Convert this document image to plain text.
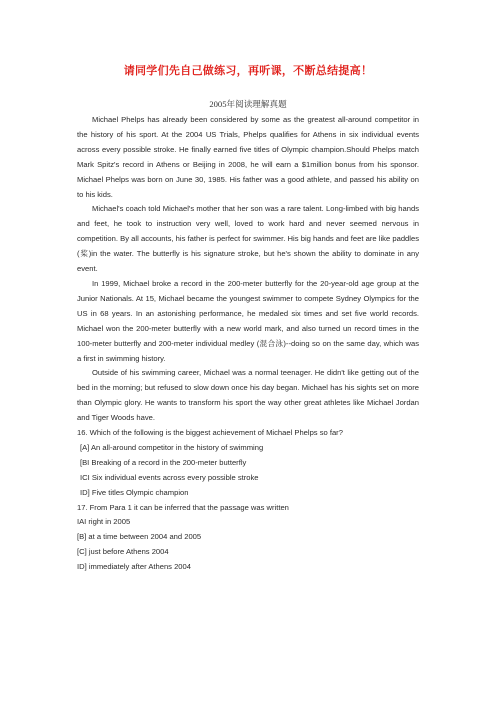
请同学们先自己做练习，再听课，不断总结提高！
2005年阅读理解真题

Michael Phelps has already been considered by some as the greatest all-around competitor in the history of his sport. At the 2004 US Trials, Phelps qualifies for Athens in six individual events across every possible stroke. He finally earned five titles of Olympic champion.Should Phelps match Mark Spitz's record in Athens or Beijing in 2008, he will earn a $1million bonus from his sponsor. Michael Phelps was born on June 30, 1985. His father was a good athlete, and passed his ability on to his kids.

Michael's coach told Michael's mother that her son was a rare talent. Long-limbed with big hands and feet, he took to instruction very well, loved to work hard and never seemed nervous in competition. By all accounts, his father is perfect for swimmer. His big hands and feet are like paddles (桨)in the water. The butterfly is his signature stroke, but he's shown the ability to dominate in any event.

In 1999, Michael broke a record in the 200-meter butterfly for the 20-year-old age group at the Junior Nationals. At 15, Michael became the youngest swimmer to compete Sydney Olympics for the US in 68 years. In an astonishing performance, he medaled six times and set five world records. Michael won the 200-meter butterfly with a new world mark, and also turned un record times in the 100-meter butterfly and 200-meter individual medley (混合泳)--doing so on the same day, which was a first in swimming history.

Outside of his swimming career, Michael was a normal teenager. He didn't like getting out of the bed in the morning; but refused to slow down once his day began. Michael has his sights set on more than Olympic glory. He wants to transform his sport the way other great athletes like Michael Jordan and Tiger Woods have.

16. Which of the following is the biggest achievement of Michael Phelps so far?

[A] An all-around competitor in the history of swimming

[BI Breaking of a record in the 200-meter butterfly

ICI Six individual events across every possible stroke

ID] Five titles Olympic champion

17. From Para 1 it can be inferred that the passage was written

IAI right in 2005

[B] at a time between 2004 and 2005

[C] just before Athens 2004

ID] immediately after Athens 2004
